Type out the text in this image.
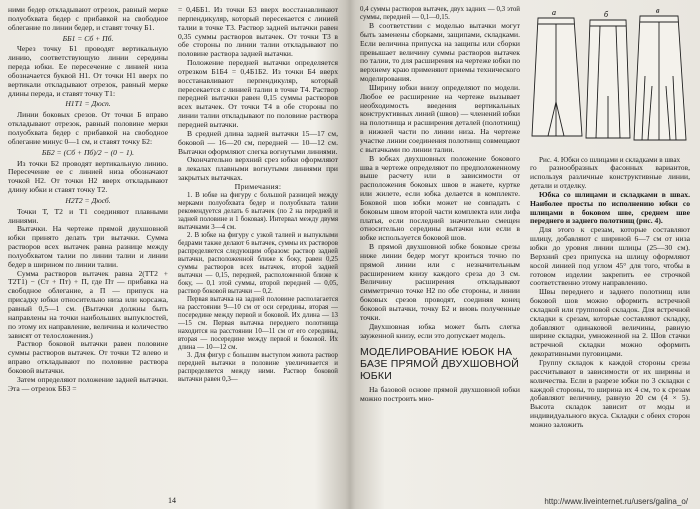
ними бедер откладывают отрезок, равный мерке полуобхвата бедер с прибавкой на свободное облегание по линии бедер, и ставят точку Б1.

ББ1 = Сб + Пб.

Через точку Б1 проводят вертикальную линию, соответствующую линии середины переда юбки. Ее пересечение с линией низа обозначается буквой Н1. От точки Н1 вверх по вертикали откладывают отрезок, равный мерке длины переда, и ставят точку Т1:

Н1Т1 = Дюсп.

Линии боковых срезов. От точки Б вправо откладывают отрезок, равный половине мерки полуобхвата бедер с прибавкой на свободное облегание минус 0—1 см, и ставят точку Б2:

ББ2 = (Сб + Пб)/2 − (0 − 1).

Из точки Б2 проводят вертикальную линию. Пересечение ее с линией низа обозначают точкой Н2. От точки Н2 вверх откладывают длину юбки и ставят точку Т2.

Н2Т2 = Дюсб.

Точки Т, Т2 и Т1 соединяют плавными линиями.

Вытачки. На чертеже прямой двухшовной юбки принято делать три вытачки. Сумма растворов всех вытачек равна разнице между полуобхватом талии по линии талии и линии бедер в ширином по линии талии.

Сумма растворов вытачек равна 2(ТТ2 + Т2Т1) − (Ст + Пт) + П, где Пт — прибавка на свободное облегание, а П — припуск на присадку юбки относительно низа или корсажа, равный 0,5—1 см. (Вытачки должны быть направлены на точки наибольших выпуклостей, по этому их направление, величина и количество зависят от телосложения.)

Раствор боковой вытачки равен половине суммы растворов вытачек. От точки Т2 влево и вправо откладывают по половине раствора боковой вытачки.

Затем определяют положение задней вытачки. Эта — отрезок ББ3 =

= 0,4ББ1. Из точки Б3 вверх восстанавливают перпендикуляр, который пересекается с линией талии в точке Т3. Раствор задней вытачки равен 0,35 суммы растворов вытачек. От точки Т3 в обе стороны по линии талии откладывают по половине раствора задней вытачки.

Положение передней вытачки определяется отрезком Б1Б4 = 0,4Б1Б2. Из точки Б4 вверх восстанавливают перпендикуляр, который пересекается с линией талии в точке Т4. Раствор передней вытачки равен 0,15 суммы растворов всех вытачек. От точки Т4 в обе стороны по линии талии откладывают по половине раствора передней вытачки.

В средней длина задней вытачки 15—17 см, боковой — 16—20 см, передней — 10—12 см. Вытачки оформляют слегка вогнутыми линиями.

Окончательно верхний срез юбки оформляют в лекалах плавными вогнутыми линиями при закрытых вытачках.

Примечания:

1. В юбке на фигуру с большой разницей между мерками полуобхвата бедер и полуобхвата талии рекомендуется делать 6 вытачек (по 2 на передней и задней половине и 1 боковая). Интервал между двумя вытачками 3—4 см.

2. В юбке на фигуру с узкой талией и выпуклыми бедрами также делают 6 вытачек, суммы их растворов распределяется следующим образом: раствор задней вытачки, расположенной ближе к боку, равен 0,25 суммы растворов всех вытачек, второй задней вытачки — 0,15, передней, расположенной ближе к боку, — 0,1 этой суммы, второй передней — 0,05, раствор боковой вытачки — 0,2.

Первая вытачка на задней половине располагается на расстоянии 9—10 см от оси середины, вторая — посередине между первой и боковой. Их длина — 13—15 см. Первая вытачка переднего полотнища находится на расстоянии 10—11 см от его середины, вторая — посередине между первой и боковой. Их длина — 10—12 см.

3. Для фигур с большим выступом живота раствор передней вытачки в половине увеличивается и распределяется между ними. Раствор боковой вытачки равен 0,3—

14

0,4 суммы растворов вытачек, двух задних — 0,3 этой суммы, передней — 0,1—0,15.

В соответствии с моделью вытачки могут быть заменены сборками, защипами, складками. Если величина припуска на защипы или сборки превышает величину суммы растворов вытачек по талии, то для расширения на чертеже юбки по верхнему краю применяют приемы технического моделирования.

Ширину юбки внизу определяют по модели. Любое ее расширение на чертеже вызывает необходимость введения вертикальных конструктивных линий (швов) — членений юбки на полотнища и расширения деталей (полотнищ) в нижней части по линии низа. На чертеже участке линии соединения полотнищ совмещают с вытачками по линии талии.

В юбках двухшовных положение бокового шва в чертеже определяют по предположенному выше расчету или в зависимости от расположения боковых швов в жакете, куртке или жилете, если юбка делается в комплекте. Боковой шов юбки может не совпадать с боковым швом второй части комплекта или лифа платья, если последний значительно смещен относительно середины вытачки или если в юбке используется боковой шов.

В прямой двухшовной юбке боковые срезы ниже линии бедер могут кроиться точно по прямой линии или с незначительным расширением книзу каждого среза до 3 см. Величину расширения откладывают симметрично точке Н2 по обе стороны, и линии боковых срезов проводят, соединяя конец боковой вытачки, точку Б2 и вновь полученные точки.

Двухшовная юбка может быть слегка зауженной книзу, если это допускает модель.

МОДЕЛИРОВАНИЕ ЮБОК НА БАЗЕ ПРЯМОЙ ДВУХШОВНОЙ ЮБКИ

На базовой основе прямой двухшовной юбки можно построить мно-

а	б	в

Рис. 4. Юбки со шлицами и складками в швах

го разнообразных фасонных вариантов, используя различные конструктивные линии, детали и отделку.

Юбка со шлицами и складками в швах. Наиболее просты по исполнению юбки со шлицами в боковом шве, среднем шве переднего и заднего полотнищ (рис. 4).

Для этого к срезам, которые составляют шлицу, добавляют с шириной 6—7 см от низа юбки до уровня линии шлицы (25—30 см). Верхний срез припуска на шлицу оформляют косой линией под углом 45° для того, чтобы в готовом изделии закрепить ее строчкой соответственно этому направлению.

Швы переднего и заднего полотнищ или боковой шов можно оформить встречной складкой или групповой складок. Для встречной складки к срезам, которые составляют складку, добавляют одинаковой величины, равную ширине складки, умноженной на 2. Шов стачки встречной складки можно оформить декоративными пуговицами.

Группу складок к каждой стороны срезы рассчитывают в зависимости от их ширины и количества. Если в разрезе юбки по 3 складки с каждой стороны, то ширина их 4 см, то к срезам добавляют величину, равную 20 см (4 × 5). Высота складок зависит от моды и индивидуального вкуса. Складки с обеих сторон можно заложить

http://www.liveinternet.ru/users/galina_o/
